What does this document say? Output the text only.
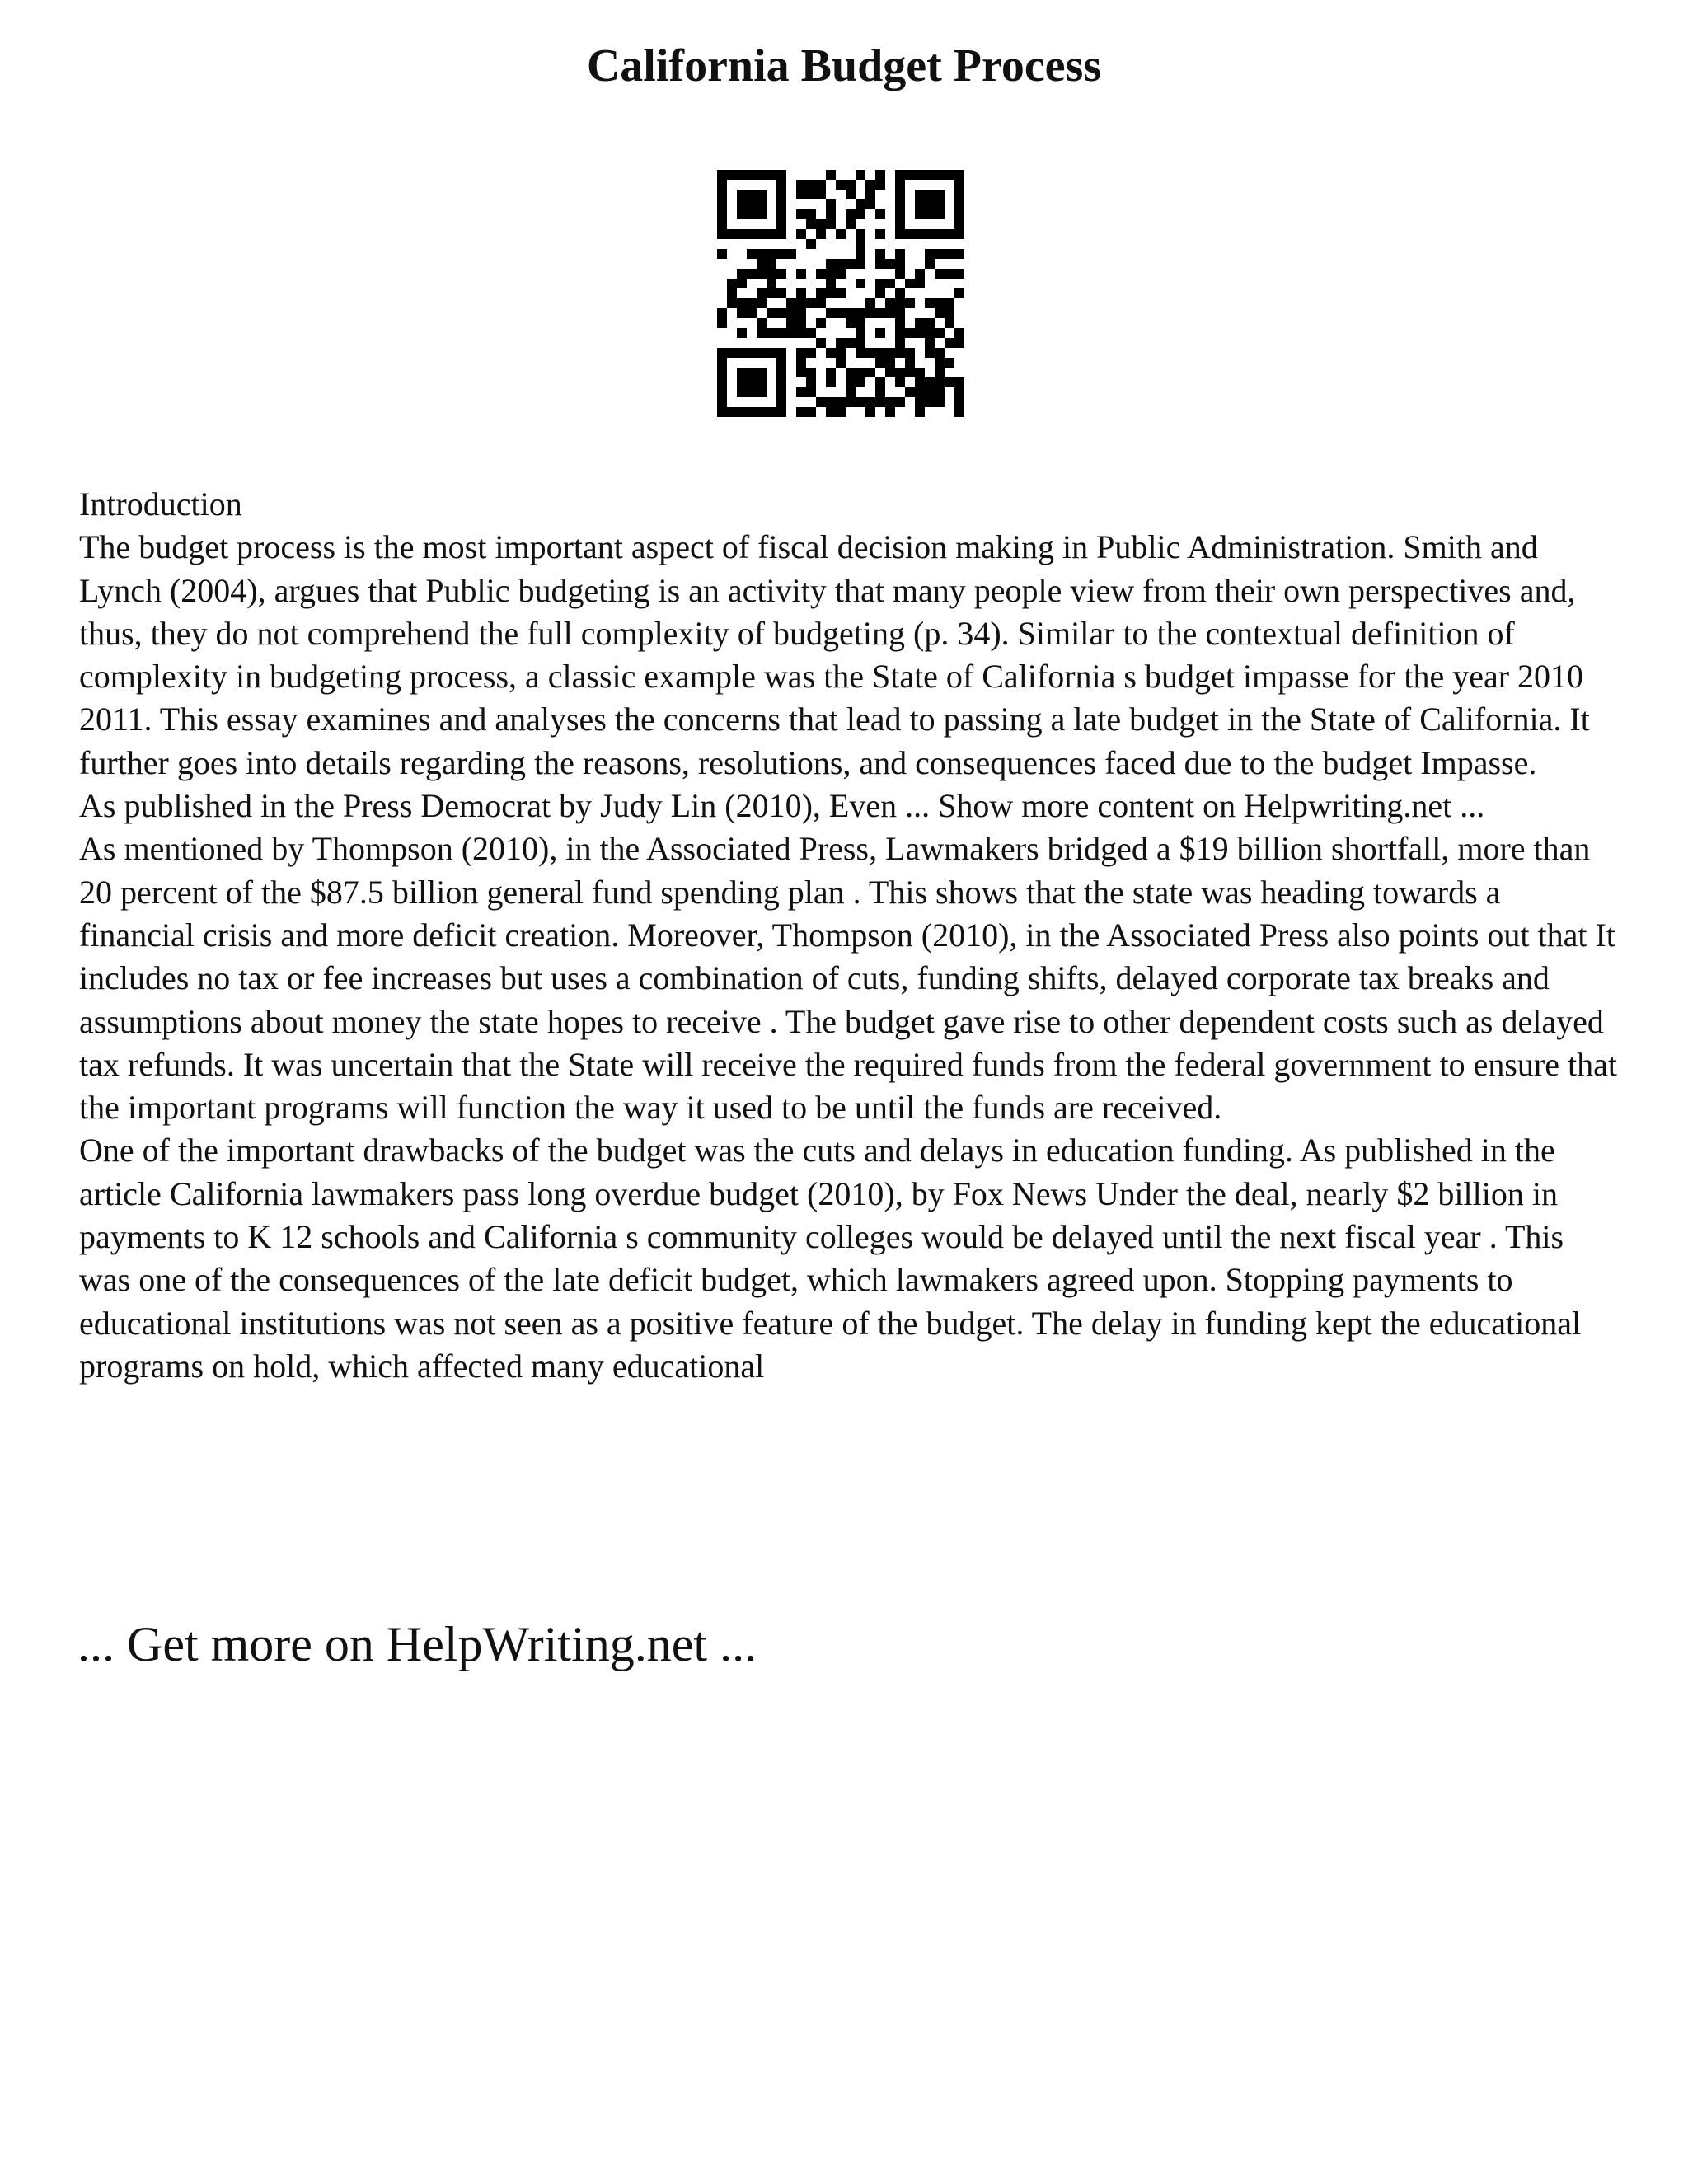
California Budget Process

Introduction

The budget process is the most important aspect of fiscal decision making in Public Administration. Smith and Lynch (2004), argues that Public budgeting is an activity that many people view from their own perspectives and, thus, they do not comprehend the full complexity of budgeting (p. 34). Similar to the contextual definition of complexity in budgeting process, a classic example was the State of California s budget impasse for the year 2010 2011. This essay examines and analyses the concerns that lead to passing a late budget in the State of California. It further goes into details regarding the reasons, resolutions, and consequences faced due to the budget Impasse.

As published in the Press Democrat by Judy Lin (2010), Even ... Show more content on Helpwriting.net ...

As mentioned by Thompson (2010), in the Associated Press, Lawmakers bridged a $19 billion shortfall, more than 20 percent of the $87.5 billion general fund spending plan . This shows that the state was heading towards a financial crisis and more deficit creation. Moreover, Thompson (2010), in the Associated Press also points out that It includes no tax or fee increases but uses a combination of cuts, funding shifts, delayed corporate tax breaks and assumptions about money the state hopes to receive . The budget gave rise to other dependent costs such as delayed tax refunds. It was uncertain that the State will receive the required funds from the federal government to ensure that the important programs will function the way it used to be until the funds are received.

One of the important drawbacks of the budget was the cuts and delays in education funding. As published in the article California lawmakers pass long overdue budget (2010), by Fox News Under the deal, nearly $2 billion in payments to K 12 schools and California s community colleges would be delayed until the next fiscal year . This was one of the consequences of the late deficit budget, which lawmakers agreed upon. Stopping payments to educational institutions was not seen as a positive feature of the budget. The delay in funding kept the educational programs on hold, which affected many educational

... Get more on HelpWriting.net ...
